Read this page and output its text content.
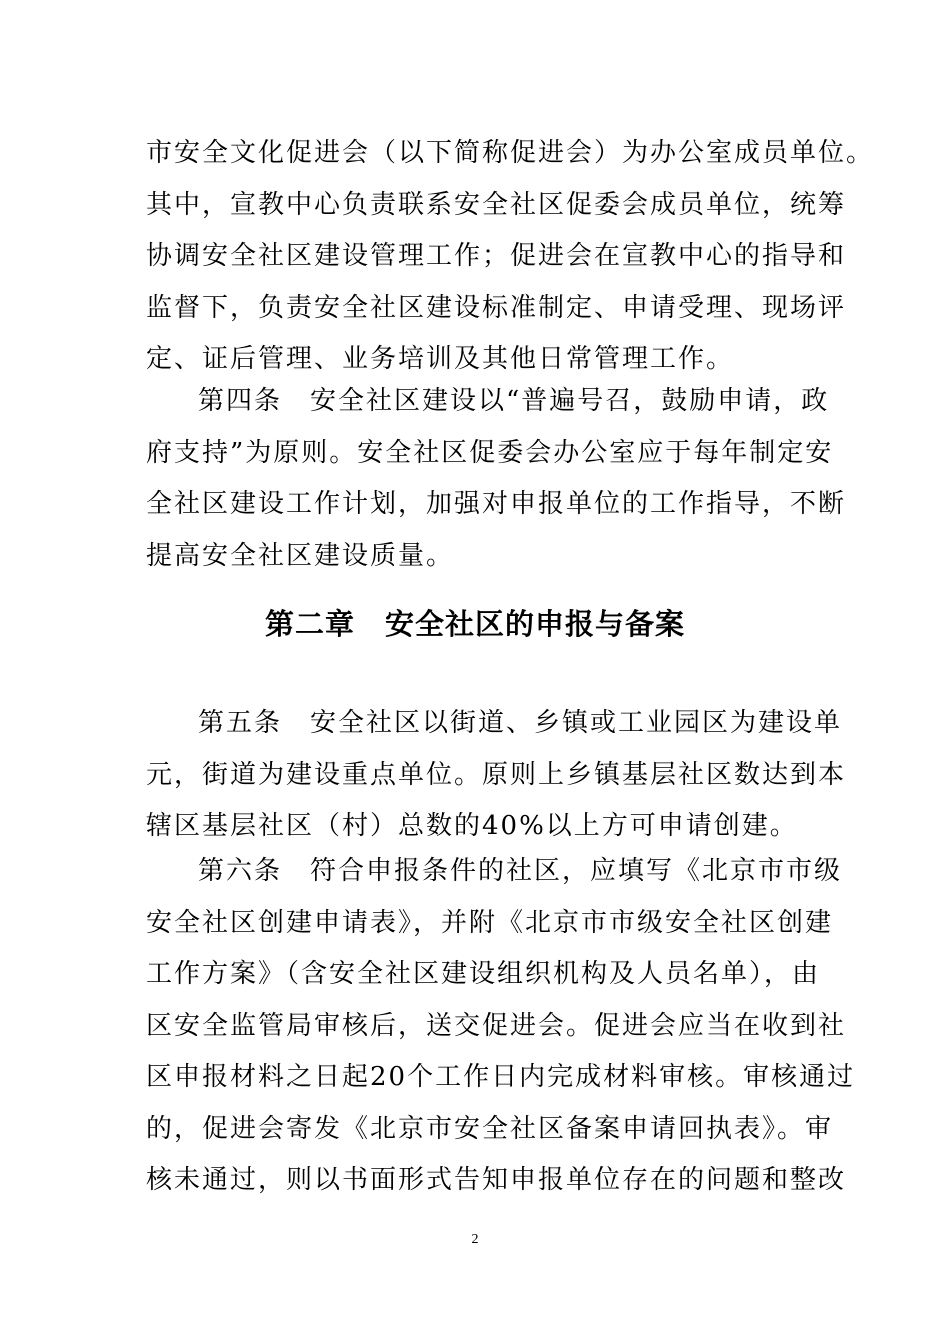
市安全文化促进会（以下简称促进会）为办公室成员单位。
其中，宣教中心负责联系安全社区促委会成员单位，统筹
协调安全社区建设管理工作；促进会在宣教中心的指导和
监督下，负责安全社区建设标准制定、申请受理、现场评
定、证后管理、业务培训及其他日常管理工作。
第四条　安全社区建设以“普遍号召，鼓励申请，政
府支持”为原则。安全社区促委会办公室应于每年制定安
全社区建设工作计划，加强对申报单位的工作指导，不断
提高安全社区建设质量。
第二章　安全社区的申报与备案
第五条　安全社区以街道、乡镇或工业园区为建设单
元，街道为建设重点单位。原则上乡镇基层社区数达到本
辖区基层社区（村）总数的40%以上方可申请创建。
第六条　符合申报条件的社区，应填写《北京市市级
安全社区创建申请表》，并附《北京市市级安全社区创建
工作方案》（含安全社区建设组织机构及人员名单），由
区安全监管局审核后，送交促进会。促进会应当在收到社
区申报材料之日起20个工作日内完成材料审核。审核通过
的，促进会寄发《北京市安全社区备案申请回执表》。审
核未通过，则以书面形式告知申报单位存在的问题和整改
2
